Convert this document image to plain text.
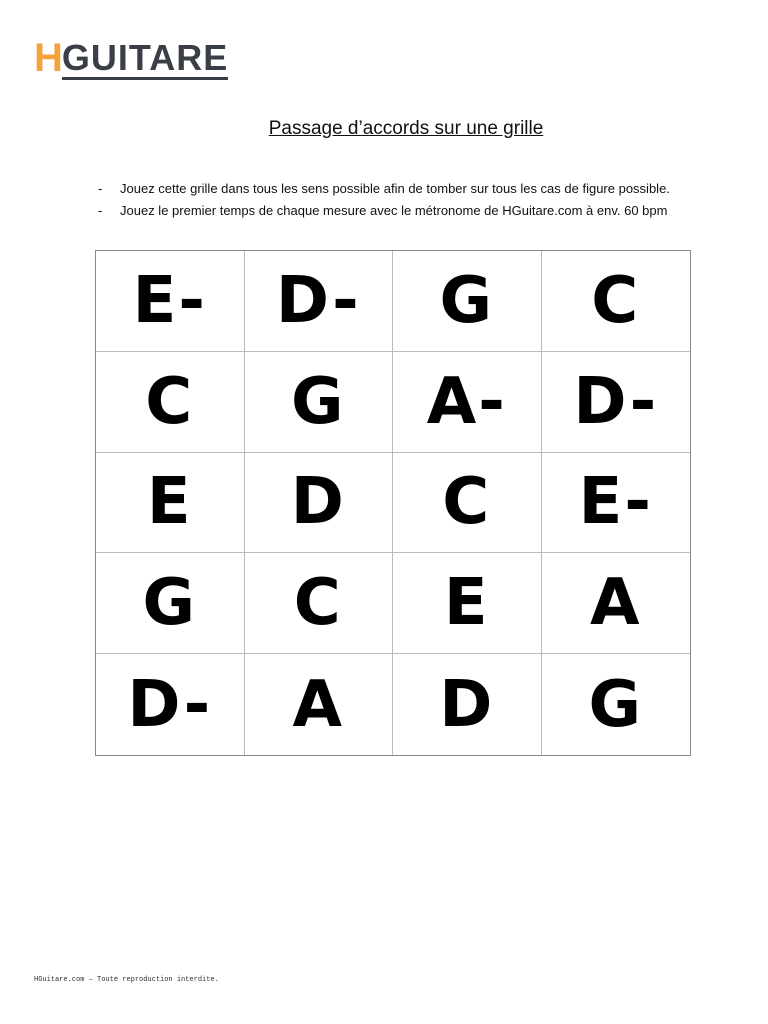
H GUITARE
Passage d’accords sur une grille
-	Jouez cette grille dans tous les sens possible afin de tomber sur tous les cas de figure possible.
-	Jouez le premier temps de chaque mesure avec le métronome de HGuitare.com à env. 60 bpm
E-	D-	G	C
C	G	A-	D-
E	D	C	E-
G	C	E	A
D-	A	D	G
HGuitare.com – Toute reproduction interdite.
